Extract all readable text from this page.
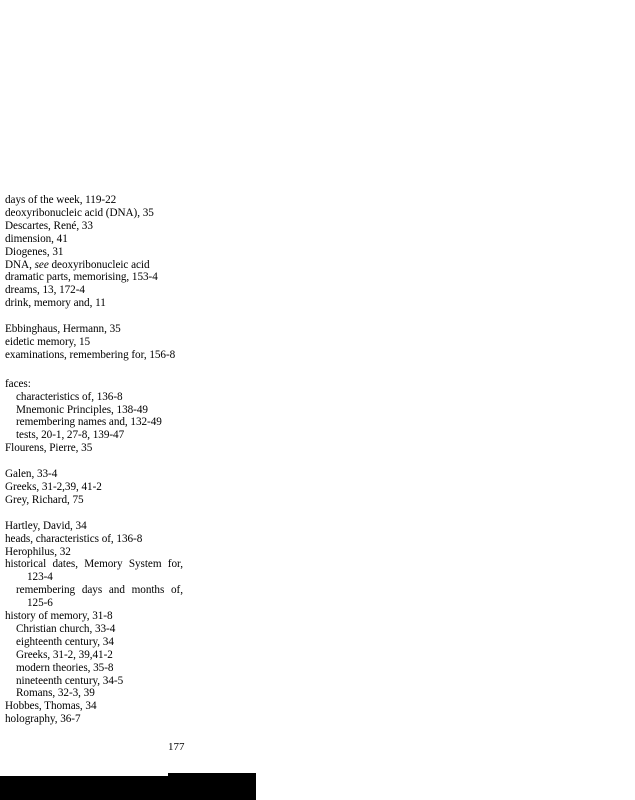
days of the week, 119-22
deoxyribonucleic acid (DNA), 35
Descartes, René, 33
dimension, 41
Diogenes, 31
DNA, see deoxyribonucleic acid
dramatic parts, memorising, 153-4
dreams, 13, 172-4
drink, memory and, 11
Ebbinghaus, Hermann, 35
eidetic memory, 15
examinations, remembering for, 156-8
faces:
characteristics of, 136-8
Mnemonic Principles, 138-49
remembering names and, 132-49
tests, 20-1, 27-8, 139-47
Flourens, Pierre, 35
Galen, 33-4
Greeks, 31-2,39, 41-2
Grey, Richard, 75
Hartley, David, 34
heads, characteristics of, 136-8
Herophilus, 32
historical dates, Memory System for,
123-4
remembering days and months of,
125-6
history of memory, 31-8
Christian church, 33-4
eighteenth century, 34
Greeks, 31-2, 39,41-2
modern theories, 35-8
nineteenth century, 34-5
Romans, 32-3, 39
Hobbes, Thomas, 34
holography, 36-7
177
